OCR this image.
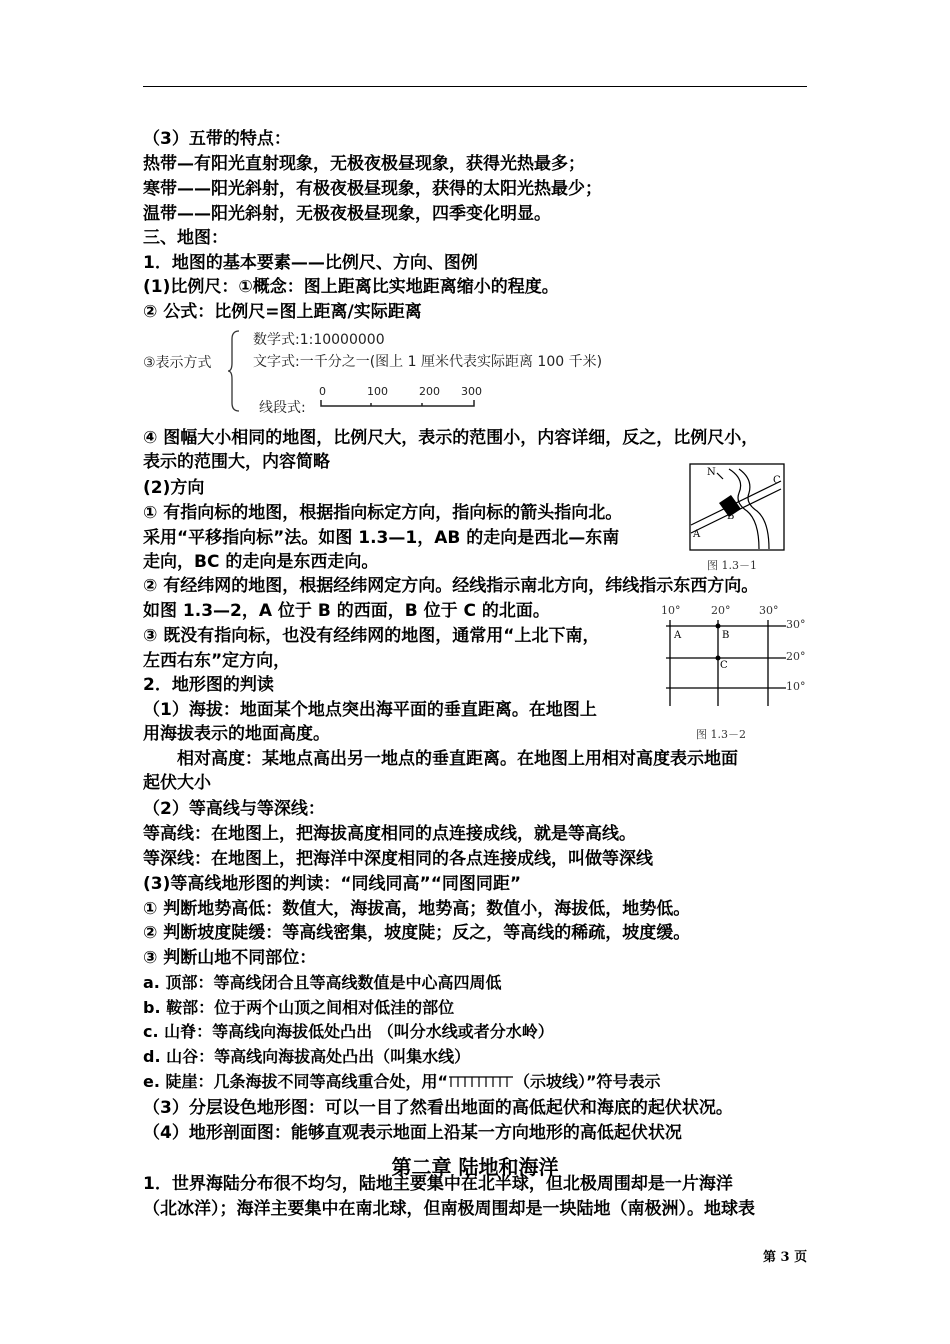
（3）五带的特点：
热带—有阳光直射现象，无极夜极昼现象，获得光热最多；
寒带——阳光斜射，有极夜极昼现象，获得的太阳光热最少；
温带——阳光斜射，无极夜极昼现象，四季变化明显。
三、地图：
1．地图的基本要素——比例尺、方向、图例
(1)比例尺：①概念：图上距离比实地距离缩小的程度。
② 公式：比例尺=图上距离/实际距离
③表示方式
数学式:1:10000000
文字式:一千分之一(图上 1 厘米代表实际距离 100 千米)
线段式:
0	100	200 300
④ 图幅大小相同的地图，比例尺大，表示的范围小，内容详细，反之，比例尺小，
表示的范围大，内容简略
(2)方向
① 有指向标的地图，根据指向标定方向，指向标的箭头指向北。
采用“平移指向标”法。如图 1.3—1，AB 的走向是西北—东南
走向，BC 的走向是东西走向。
② 有经纬网的地图，根据经纬网定方向。经线指示南北方向，纬线指示东西方向。
如图 1.3—2，A 位于 B 的西面，B 位于 C 的北面。
③ 既没有指向标，也没有经纬网的地图，通常用“上北下南，
左西右东”定方向，
2．地形图的判读
（1）海拔：地面某个地点突出海平面的垂直距离。在地图上
用海拔表示的地面高度。
　　相对高度：某地点高出另一地点的垂直距离。在地图上用相对高度表示地面
起伏大小
（2）等高线与等深线：
等高线：在地图上，把海拔高度相同的点连接成线，就是等高线。
等深线：在地图上，把海洋中深度相同的各点连接成线，叫做等深线
(3)等高线地形图的判读：“同线同高”“同图同距”
① 判断地势高低：数值大，海拔高，地势高；数值小，海拔低，地势低。
② 判断坡度陡缓：等高线密集，坡度陡；反之，等高线的稀疏，坡度缓。
③ 判断山地不同部位：
a. 顶部：等高线闭合且等高线数值是中心高四周低
b. 鞍部：位于两个山顶之间相对低洼的部位
c. 山脊：等高线向海拔低处凸出 （叫分水线或者分水岭）
d. 山谷：等高线向海拔高处凸出（叫集水线）
e. 陡崖：几条海拔不同等高线重合处，用“	（示坡线）”符号表示
（3）分层设色地形图：可以一目了然看出地面的高低起伏和海底的起伏状况。
（4）地形剖面图：能够直观表示地面上沿某一方向地形的高低起伏状况
第二章 陆地和海洋
1．世界海陆分布很不均匀，陆地主要集中在北半球，但北极周围却是一片海洋
（北冰洋）；海洋主要集中在南北球，但南极周围却是一块陆地（南极洲）。地球表
N
A
B
C
图 1.3－1
10°	20°	30°
30°
20°
10°
A	B
C
图 1.3－2
第 3 页
